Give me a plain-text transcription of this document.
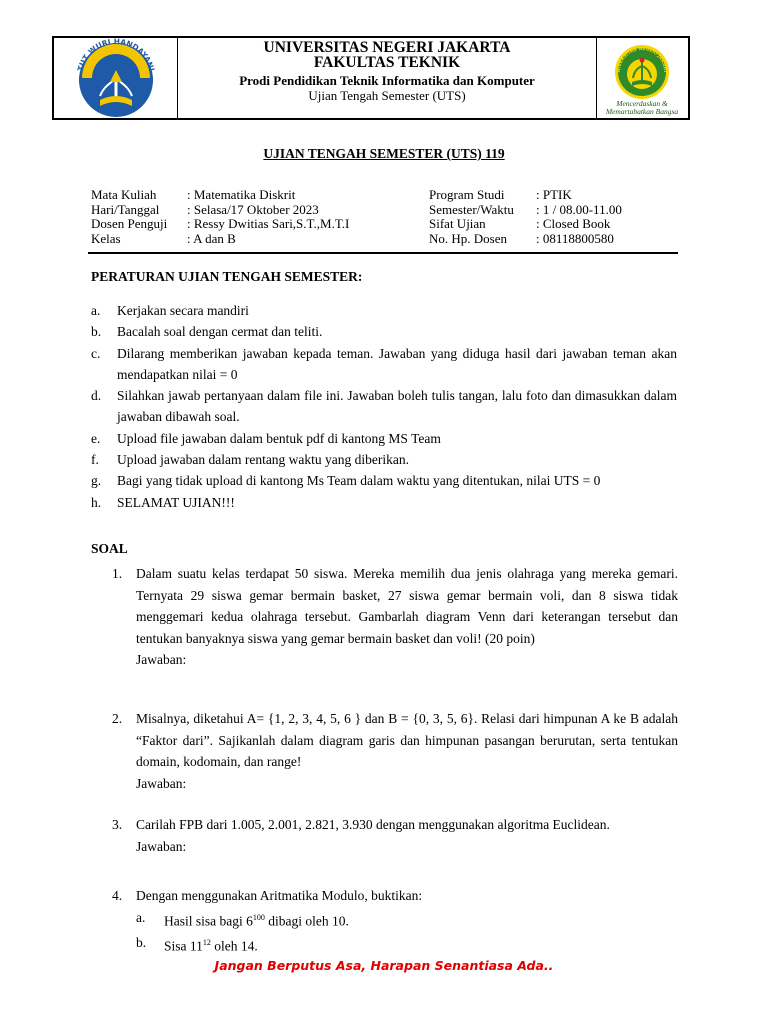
TUT WURI HANDAYANI
UNIVERSITAS NEGERI JAKARTA
FAKULTAS TEKNIK
Prodi Pendidikan Teknik Informatika dan Komputer
Ujian Tengah Semester (UTS)
NIVERSITAS NEGERI JAKART
Mencerdaskan & Memartabatkan Bangsa
UJIAN TENGAH SEMESTER (UTS) 119
Mata Kuliah	: Matematika Diskrit
Hari/Tanggal	: Selasa/17 Oktober 2023
Dosen Penguji	: Ressy Dwitias Sari,S.T.,M.T.I
Kelas	: A dan B
Program Studi	: PTIK
Semester/Waktu	: 1 / 08.00-11.00
Sifat Ujian	: Closed Book
No. Hp. Dosen	: 08118800580
PERATURAN UJIAN TENGAH SEMESTER:
a.	Kerjakan secara mandiri
b.	Bacalah soal dengan cermat dan teliti.
c.	Dilarang memberikan jawaban kepada teman. Jawaban yang diduga hasil dari jawaban teman akan mendapatkan nilai = 0
d.	Silahkan jawab pertanyaan dalam file ini. Jawaban boleh tulis tangan, lalu foto dan dimasukkan dalam jawaban dibawah soal.
e.	Upload file jawaban dalam bentuk pdf di kantong MS Team
f.	Upload jawaban dalam rentang waktu yang diberikan.
g.	Bagi yang tidak upload di kantong Ms Team dalam waktu yang ditentukan, nilai UTS = 0
h.	SELAMAT UJIAN!!!
SOAL
1.	Dalam suatu kelas terdapat 50 siswa. Mereka memilih dua jenis olahraga yang mereka gemari. Ternyata 29 siswa gemar bermain basket, 27 siswa gemar bermain voli, dan 8 siswa tidak menggemari kedua olahraga tersebut. Gambarlah diagram Venn dari keterangan tersebut dan tentukan banyaknya siswa yang gemar bermain basket dan voli! (20 poin)
Jawaban:
2.	Misalnya, diketahui A= {1, 2, 3, 4, 5, 6 } dan B = {0, 3, 5, 6}. Relasi dari himpunan A ke B adalah “Faktor dari”. Sajikanlah dalam diagram garis dan himpunan pasangan berurutan, serta tentukan domain, kodomain, dan range!
Jawaban:
3.	Carilah FPB dari 1.005, 2.001, 2.821, 3.930 dengan menggunakan algoritma Euclidean.
Jawaban:
4.	Dengan menggunakan Aritmatika Modulo, buktikan:
a.	Hasil sisa bagi $6^{100}$ dibagi oleh 10.
b.	Sisa $11^{12}$ oleh 14.
Jangan Berputus Asa, Harapan Senantiasa Ada..
